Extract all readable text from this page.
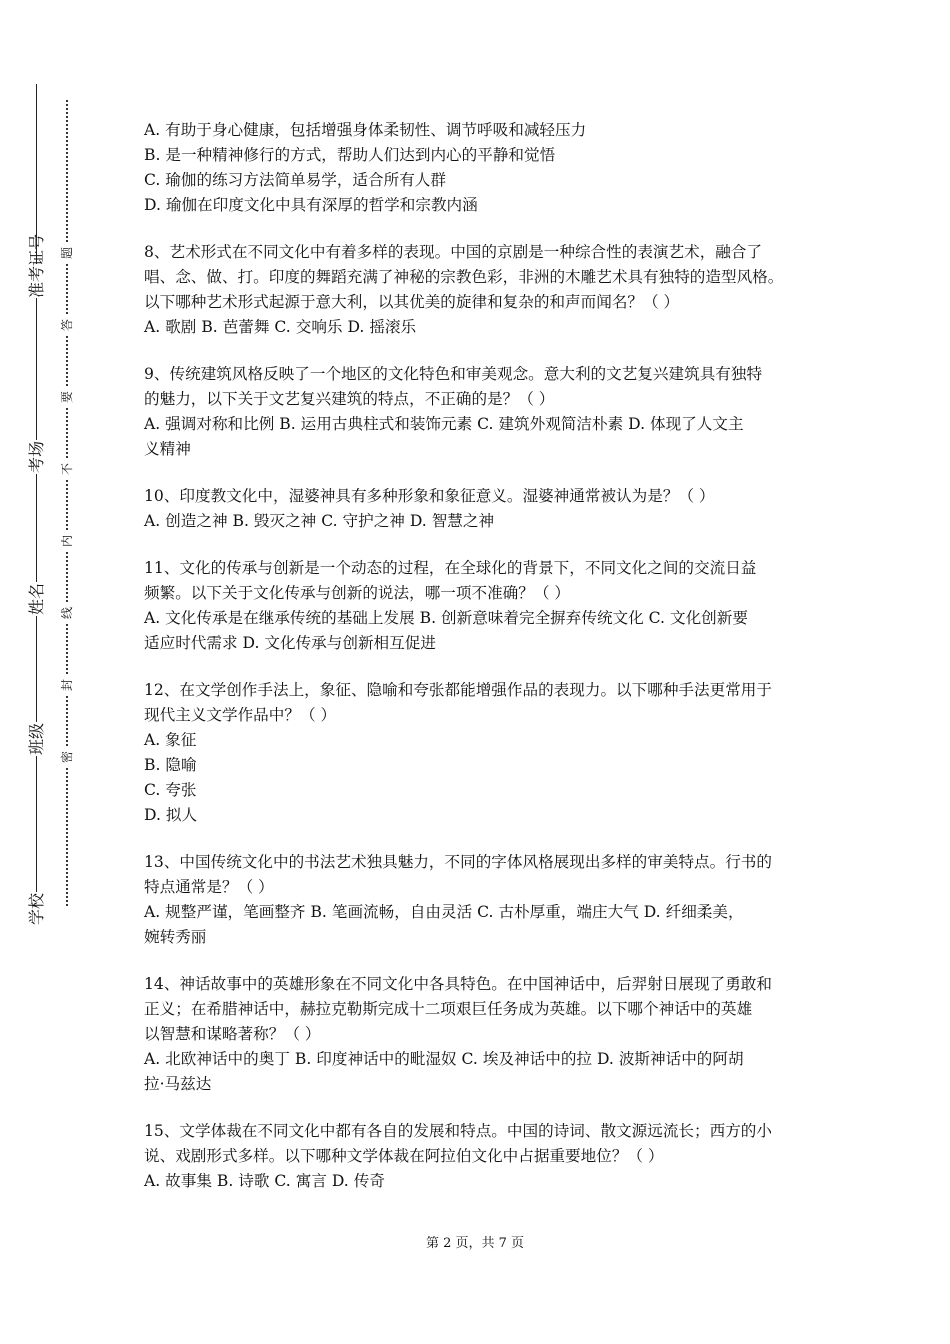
准考证号
考场
姓名
班级
学校
题
答
要
不
内
线
封
密
A. 有助于身心健康，包括增强身体柔韧性、调节呼吸和减轻压力
B. 是一种精神修行的方式，帮助人们达到内心的平静和觉悟
C. 瑜伽的练习方法简单易学，适合所有人群
D. 瑜伽在印度文化中具有深厚的哲学和宗教内涵
8、艺术形式在不同文化中有着多样的表现。中国的京剧是一种综合性的表演艺术，融合了
唱、念、做、打。印度的舞蹈充满了神秘的宗教色彩，非洲的木雕艺术具有独特的造型风格。
以下哪种艺术形式起源于意大利，以其优美的旋律和复杂的和声而闻名？（ ）
A. 歌剧 B. 芭蕾舞 C. 交响乐 D. 摇滚乐
9、传统建筑风格反映了一个地区的文化特色和审美观念。意大利的文艺复兴建筑具有独特
的魅力，以下关于文艺复兴建筑的特点，不正确的是？（ ）
A. 强调对称和比例 B. 运用古典柱式和装饰元素 C. 建筑外观简洁朴素 D. 体现了人文主
义精神
10、印度教文化中，湿婆神具有多种形象和象征意义。湿婆神通常被认为是？（ ）
A. 创造之神 B. 毁灭之神 C. 守护之神 D. 智慧之神
11、文化的传承与创新是一个动态的过程，在全球化的背景下，不同文化之间的交流日益
频繁。以下关于文化传承与创新的说法，哪一项不准确？（ ）
A. 文化传承是在继承传统的基础上发展 B. 创新意味着完全摒弃传统文化 C. 文化创新要
适应时代需求 D. 文化传承与创新相互促进
12、在文学创作手法上，象征、隐喻和夸张都能增强作品的表现力。以下哪种手法更常用于
现代主义文学作品中？（ ）
A. 象征
B. 隐喻
C. 夸张
D. 拟人
13、中国传统文化中的书法艺术独具魅力，不同的字体风格展现出多样的审美特点。行书的
特点通常是？（ ）
A. 规整严谨，笔画整齐 B. 笔画流畅，自由灵活 C. 古朴厚重，端庄大气 D. 纤细柔美，
婉转秀丽
14、神话故事中的英雄形象在不同文化中各具特色。在中国神话中，后羿射日展现了勇敢和
正义；在希腊神话中，赫拉克勒斯完成十二项艰巨任务成为英雄。以下哪个神话中的英雄
以智慧和谋略著称？（ ）
A. 北欧神话中的奥丁 B. 印度神话中的毗湿奴 C. 埃及神话中的拉 D. 波斯神话中的阿胡
拉·马兹达
15、文学体裁在不同文化中都有各自的发展和特点。中国的诗词、散文源远流长；西方的小
说、戏剧形式多样。以下哪种文学体裁在阿拉伯文化中占据重要地位？（ ）
A. 故事集 B. 诗歌 C. 寓言 D. 传奇
第 2 页，共 7 页
